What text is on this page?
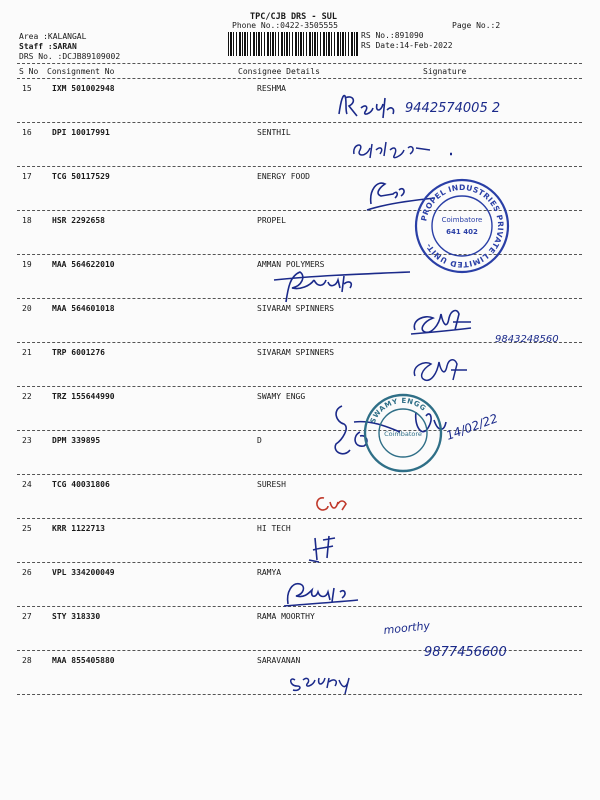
TPC/CJB DRS - SUL
Phone No.:0422-3505555	Page No.:2
Area :KALANGAL
Staff :SARAN
DRS No. :DCJB89109002
RS No.:891090
RS Date:14-Feb-2022
S No Consignment No	Consignee Details	Signature
15	IXM 501002948	RESHMA
16	DPI 10017991	SENTHIL
17	TCG 50117529	ENERGY FOOD
18	HSR 2292658	PROPEL
19	MAA 564622010	AMMAN POLYMERS
20	MAA 564601018	SIVARAM SPINNERS
21	TRP 6001276	SIVARAM SPINNERS
22	TRZ 155644990	SWAMY ENGG
23	DPM 339895	D
24	TCG 40031806	SURESH
25	KRR 1122713	HI TECH
26	VPL 334200049	RAMYA
27	STY 318330	RAMA MOORTHY
28	MAA 855405880	SARAVANAN
9442574005 2
9843248560
14/02/22
moorthy
9877456600
PROPEL INDUSTRIES PRIVATE LIMITED UNIT-
Coimbatore
641 402
SWAMY ENGG
Coimbatore
